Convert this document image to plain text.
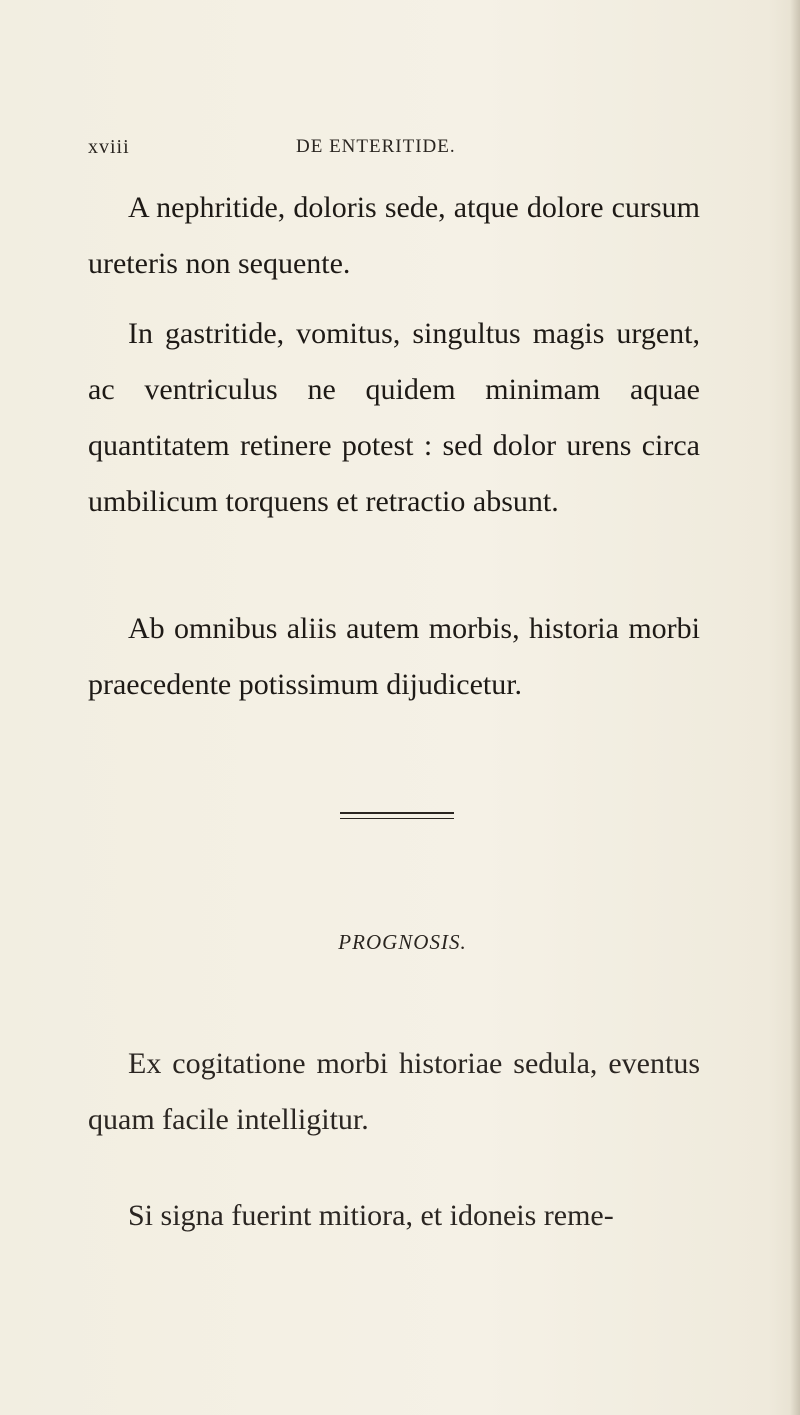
xviii	DE ENTERITIDE.

A nephritide, doloris sede, atque dolore cursum ureteris non sequente.

In gastritide, vomitus, singultus magis urgent, ac ventriculus ne quidem minimam aquae quantitatem retinere potest : sed dolor urens circa umbilicum torquens et retractio absunt.

Ab omnibus aliis autem morbis, historia morbi praecedente potissimum dijudicetur.

PROGNOSIS.

Ex cogitatione morbi historiae sedula, eventus quam facile intelligitur.

Si signa fuerint mitiora, et idoneis reme-
